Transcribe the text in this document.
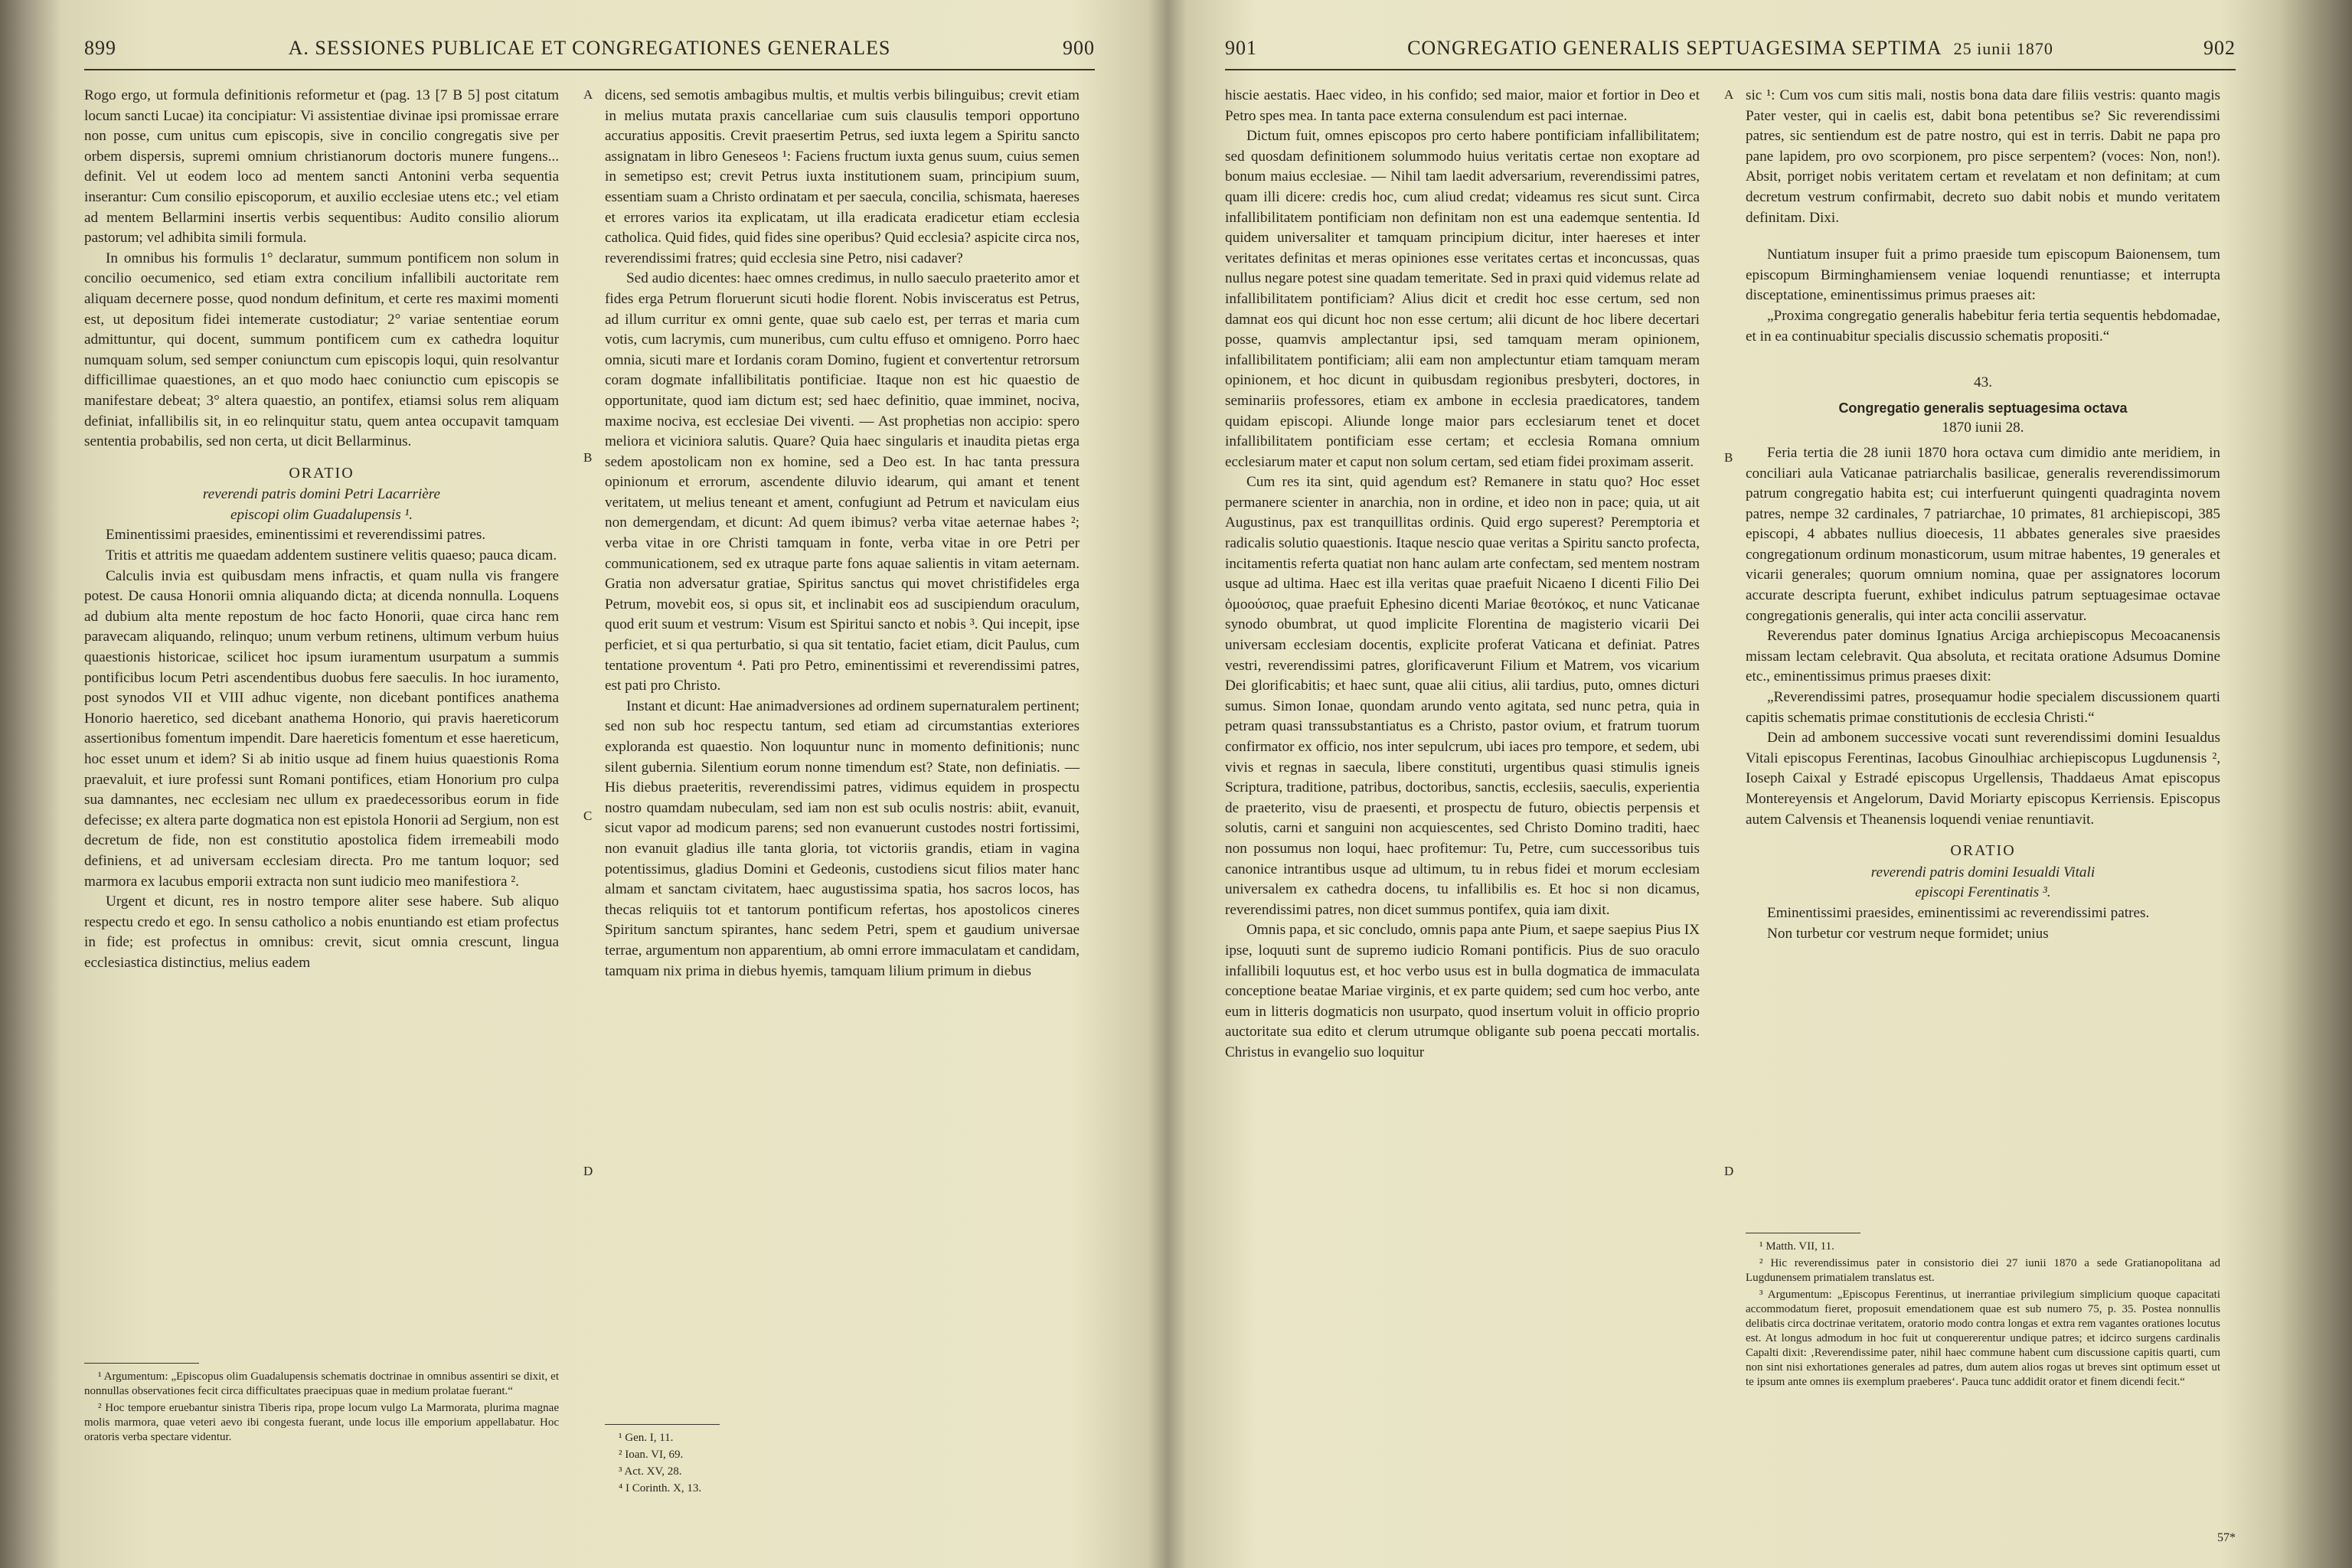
899	A. SESSIONES PUBLICAE ET CONGREGATIONES GENERALES	900

Rogo ergo, ut formula definitionis reformetur et (pag. 13 [7 B 5] post citatum locum sancti Lucae) ita concipiatur: Vi assistentiae divinae ipsi promissae errare non posse, cum unitus cum episcopis, sive in concilio congregatis sive per orbem dispersis, supremi omnium christianorum doctoris munere fungens... definit. Vel ut eodem loco ad mentem sancti Antonini verba sequentia inserantur: Cum consilio episcoporum, et auxilio ecclesiae utens etc.; vel etiam ad mentem Bellarmini insertis verbis sequentibus: Audito consilio aliorum pastorum; vel adhibita simili formula.

In omnibus his formulis 1° declaratur, summum pontificem non solum in concilio oecumenico, sed etiam extra concilium infallibili auctoritate rem aliquam decernere posse, quod nondum definitum, et certe res maximi momenti est, ut depositum fidei intemerate custodiatur; 2° variae sententiae eorum admittuntur, qui docent, summum pontificem cum ex cathedra loquitur numquam solum, sed semper coniunctum cum episcopis loqui, quin resolvantur difficillimae quaestiones, an et quo modo haec coniunctio cum episcopis se manifestare debeat; 3° altera quaestio, an pontifex, etiamsi solus rem aliquam definiat, infallibilis sit, in eo relinquitur statu, quem antea occupavit tamquam sententia probabilis, sed non certa, ut dicit Bellarminus.

ORATIO
reverendi patris domini Petri Lacarrière
episcopi olim Guadalupensis ¹.

Eminentissimi praesides, eminentissimi et reverendissimi patres.

Tritis et attritis me quaedam addentem sustinere velitis quaeso; pauca dicam.

Calculis invia est quibusdam mens infractis, et quam nulla vis frangere potest. De causa Honorii omnia aliquando dicta; at dicenda nonnulla. Loquens ad dubium alta mente repostum de hoc facto Honorii, quae circa hanc rem paravecam aliquando, relinquo; unum verbum retinens, ultimum verbum huius quaestionis historicae, scilicet hoc ipsum iuramentum usurpatum a summis pontificibus locum Petri ascendentibus duobus fere saeculis. In hoc iuramento, post synodos VII et VIII adhuc vigente, non dicebant pontifices anathema Honorio haeretico, sed dicebant anathema Honorio, qui pravis haereticorum assertionibus fomentum impendit. Dare haereticis fomentum et esse haereticum, hoc esset unum et idem? Si ab initio usque ad finem huius quaestionis Roma praevaluit, et iure professi sunt Romani pontifices, etiam Honorium pro culpa sua damnantes, nec ecclesiam nec ullum ex praedecessoribus eorum in fide defecisse; ex altera parte dogmatica non est epistola Honorii ad Sergium, non est decretum de fide, non est constitutio apostolica fidem irremeabili modo definiens, et ad universam ecclesiam directa. Pro me tantum loquor; sed marmora ex lacubus emporii extracta non sunt iudicio meo manifestiora ².

Urgent et dicunt, res in nostro tempore aliter sese habere. Sub aliquo respectu credo et ego. In sensu catholico a nobis enuntiando est etiam profectus in fide; est profectus in omnibus: crevit, sicut omnia crescunt, lingua ecclesiastica distinctius, melius eadem

dicens, sed semotis ambagibus multis, et multis verbis bilinguibus; crevit etiam in melius mutata praxis cancellariae cum suis clausulis tempori opportuno accuratius appositis. Crevit praesertim Petrus, sed iuxta legem a Spiritu sancto assignatam in libro Geneseos ¹: Faciens fructum iuxta genus suum, cuius semen in semetipso est; crevit Petrus iuxta institutionem suam, principium suum, essentiam suam a Christo ordinatam et per saecula, concilia, schismata, haereses et errores varios ita explicatam, ut illa eradicata eradicetur etiam ecclesia catholica. Quid fides, quid fides sine operibus? Quid ecclesia? aspicite circa nos, reverendissimi fratres; quid ecclesia sine Petro, nisi cadaver?

Sed audio dicentes: haec omnes credimus, in nullo saeculo praeterito amor et fides erga Petrum floruerunt sicuti hodie florent. Nobis invisceratus est Petrus, ad illum curritur ex omni gente, quae sub caelo est, per terras et maria cum votis, cum lacrymis, cum muneribus, cum cultu effuso et omnigeno. Porro haec omnia, sicuti mare et Iordanis coram Domino, fugient et convertentur retrorsum coram dogmate infallibilitatis pontificiae. Itaque non est hic quaestio de opportunitate, quod iam dictum est; sed haec definitio, quae imminet, nociva, maxime nociva, est ecclesiae Dei viventi. — Ast prophetias non accipio: spero meliora et viciniora salutis. Quare? Quia haec singularis et inaudita pietas erga sedem apostolicam non ex homine, sed a Deo est. In hac tanta pressura opinionum et errorum, ascendente diluvio idearum, qui amant et tenent veritatem, ut melius teneant et ament, confugiunt ad Petrum et naviculam eius non demergendam, et dicunt: Ad quem ibimus? verba vitae aeternae habes ²; verba vitae in ore Christi tamquam in fonte, verba vitae in ore Petri per communicationem, sed ex utraque parte fons aquae salientis in vitam aeternam. Gratia non adversatur gratiae, Spiritus sanctus qui movet christifideles erga Petrum, movebit eos, si opus sit, et inclinabit eos ad suscipiendum oraculum, quod erit suum et vestrum: Visum est Spiritui sancto et nobis ³. Qui incepit, ipse perficiet, et si qua perturbatio, si qua sit tentatio, faciet etiam, dicit Paulus, cum tentatione proventum ⁴. Pati pro Petro, eminentissimi et reverendissimi patres, est pati pro Christo.

Instant et dicunt: Hae animadversiones ad ordinem supernaturalem pertinent; sed non sub hoc respectu tantum, sed etiam ad circumstantias exteriores exploranda est quaestio. Non loquuntur nunc in momento definitionis; nunc silent gubernia. Silentium eorum nonne timendum est? State, non definiatis. — His diebus praeteritis, reverendissimi patres, vidimus equidem in prospectu nostro quamdam nubeculam, sed iam non est sub oculis nostris: abiit, evanuit, sicut vapor ad modicum parens; sed non evanuerunt custodes nostri fortissimi, non evanuit gladius ille tanta gloria, tot victoriis grandis, etiam in vagina potentissimus, gladius Domini et Gedeonis, custodiens sicut filios mater hanc almam et sanctam civitatem, haec augustissima spatia, hos sacros locos, has thecas reliquiis tot et tantorum pontificum refertas, hos apostolicos cineres Spiritum sanctum spirantes, hanc sedem Petri, spem et gaudium universae terrae, argumentum non apparentium, ab omni errore immaculatam et candidam, tamquam nix prima in diebus hyemis, tamquam lilium primum in diebus

A
B
C
D

¹ Argumentum: „Episcopus olim Guadalupensis schematis doctrinae in omnibus assentiri se dixit, et nonnullas observationes fecit circa difficultates praecipuas quae in medium prolatae fuerant.“

² Hoc tempore eruebantur sinistra Tiberis ripa, prope locum vulgo La Marmorata, plurima magnae molis marmora, quae veteri aevo ibi congesta fuerant, unde locus ille emporium appellabatur. Hoc oratoris verba spectare videntur.	¹ Gen. I, 11.

² Ioan. VI, 69.

³ Act. XV, 28.

⁴ I Corinth. X, 13.

901	CONGREGATIO GENERALIS SEPTUAGESIMA SEPTIMA 25 iunii 1870	902

hiscie aestatis. Haec video, in his confido; sed maior, maior et fortior in Deo et Petro spes mea. In tanta pace externa consulendum est paci internae.

Dictum fuit, omnes episcopos pro certo habere pontificiam infallibilitatem; sed quosdam definitionem solummodo huius veritatis certae non exoptare ad bonum maius ecclesiae. — Nihil tam laedit adversarium, reverendissimi patres, quam illi dicere: credis hoc, cum aliud credat; videamus res sicut sunt. Circa infallibilitatem pontificiam non definitam non est una eademque sententia. Id quidem universaliter et tamquam principium dicitur, inter haereses et inter veritates definitas et meras opiniones esse veritates certas et inconcussas, quas nullus negare potest sine quadam temeritate. Sed in praxi quid videmus relate ad infallibilitatem pontificiam? Alius dicit et credit hoc esse certum, sed non damnat eos qui dicunt hoc non esse certum; alii dicunt de hoc libere decertari posse, quamvis amplectantur ipsi, sed tamquam meram opinionem, infallibilitatem pontificiam; alii eam non amplectuntur etiam tamquam meram opinionem, et hoc dicunt in quibusdam regionibus presbyteri, doctores, in seminariis professores, etiam ex ambone in ecclesia praedicatores, tandem quidam episcopi. Aliunde longe maior pars ecclesiarum tenet et docet infallibilitatem pontificiam esse certam; et ecclesia Romana omnium ecclesiarum mater et caput non solum certam, sed etiam fidei proximam asserit.

Cum res ita sint, quid agendum est? Remanere in statu quo? Hoc esset permanere scienter in anarchia, non in ordine, et ideo non in pace; quia, ut ait Augustinus, pax est tranquillitas ordinis. Quid ergo superest? Peremptoria et radicalis solutio quaestionis. Itaque nescio quae veritas a Spiritu sancto profecta, incitamentis referta quatiat non hanc aulam arte confectam, sed mentem nostram usque ad ultima. Haec est illa veritas quae praefuit Nicaeno I dicenti Filio Dei ὁμοούσιος, quae praefuit Ephesino dicenti Mariae θεοτόκος, et nunc Vaticanae synodo obumbrat, ut quod implicite Florentina de magisterio vicarii Dei universam ecclesiam docentis, explicite proferat Vaticana et definiat. Patres vestri, reverendissimi patres, glorificaverunt Filium et Matrem, vos vicarium Dei glorificabitis; et haec sunt, quae alii citius, alii tardius, puto, omnes dicturi sumus. Simon Ionae, quondam arundo vento agitata, sed nunc petra, quia in petram quasi transsubstantiatus es a Christo, pastor ovium, et fratrum tuorum confirmator ex officio, nos inter sepulcrum, ubi iaces pro tempore, et sedem, ubi vivis et regnas in saecula, libere constituti, urgentibus quasi stimulis igneis Scriptura, traditione, patribus, doctoribus, sanctis, ecclesiis, saeculis, experientia de praeterito, visu de praesenti, et prospectu de futuro, obiectis perpensis et solutis, carni et sanguini non acquiescentes, sed Christo Domino traditi, haec non possumus non loqui, haec profitemur: Tu, Petre, cum successoribus tuis canonice intrantibus usque ad ultimum, tu in rebus fidei et morum ecclesiam universalem ex cathedra docens, tu infallibilis es. Et hoc si non dicamus, reverendissimi patres, non dicet summus pontifex, quia iam dixit.

Omnis papa, et sic concludo, omnis papa ante Pium, et saepe saepius Pius IX ipse, loquuti sunt de supremo iudicio Romani pontificis. Pius de suo oraculo infallibili loquutus est, et hoc verbo usus est in bulla dogmatica de immaculata conceptione beatae Mariae virginis, et ex parte quidem; sed cum hoc verbo, ante eum in litteris dogmaticis non usurpato, quod insertum voluit in officio proprio auctoritate sua edito et clerum utrumque obligante sub poena peccati mortalis. Christus in evangelio suo loquitur

sic ¹: Cum vos cum sitis mali, nostis bona data dare filiis vestris: quanto magis Pater vester, qui in caelis est, dabit bona petentibus se? Sic reverendissimi patres, sic sentiendum est de patre nostro, qui est in terris. Dabit ne papa pro pane lapidem, pro ovo scorpionem, pro pisce serpentem? (voces: Non, non!). Absit, porriget nobis veritatem certam et revelatam et non definitam; at cum decretum vestrum confirmabit, decreto suo dabit nobis et mundo veritatem definitam. Dixi.

Nuntiatum insuper fuit a primo praeside tum episcopum Baionensem, tum episcopum Birminghamiensem veniae loquendi renuntiasse; et interrupta disceptatione, eminentissimus primus praeses ait:

„Proxima congregatio generalis habebitur feria tertia sequentis hebdomadae, et in ea continuabitur specialis discussio schematis propositi.“

43.
Congregatio generalis septuagesima octava
1870 iunii 28.

Feria tertia die 28 iunii 1870 hora octava cum dimidio ante meridiem, in conciliari aula Vaticanae patriarchalis basilicae, generalis reverendissimorum patrum congregatio habita est; cui interfuerunt quingenti quadraginta novem patres, nempe 32 cardinales, 7 patriarchae, 10 primates, 81 archiepiscopi, 385 episcopi, 4 abbates nullius dioecesis, 11 abbates generales sive praesides congregationum ordinum monasticorum, usum mitrae habentes, 19 generales et vicarii generales; quorum omnium nomina, quae per assignatores locorum accurate descripta fuerunt, exhibet indiculus patrum septuagesimae octavae congregationis generalis, qui inter acta concilii asservatur.

Reverendus pater dominus Ignatius Arciga archiepiscopus Mecoacanensis missam lectam celebravit. Qua absoluta, et recitata oratione Adsumus Domine etc., eminentissimus primus praeses dixit:

„Reverendissimi patres, prosequamur hodie specialem discussionem quarti capitis schematis primae constitutionis de ecclesia Christi.“

Dein ad ambonem successive vocati sunt reverendissimi domini Iesualdus Vitali episcopus Ferentinas, Iacobus Ginoulhiac archiepiscopus Lugdunensis ², Ioseph Caixal y Estradé episcopus Urgellensis, Thaddaeus Amat episcopus Montereyensis et Angelorum, David Moriarty episcopus Kerriensis. Episcopus autem Calvensis et Theanensis loquendi veniae renuntiavit.

ORATIO
reverendi patris domini Iesualdi Vitali
episcopi Ferentinatis ³.

Eminentissimi praesides, eminentissimi ac reverendissimi patres.

Non turbetur cor vestrum neque formidet; unius

A
B
D

¹ Matth. VII, 11.

² Hic reverendissimus pater in consistorio diei 27 iunii 1870 a sede Gratianopolitana ad Lugdunensem primatialem translatus est.

³ Argumentum: „Episcopus Ferentinus, ut inerrantiae privilegium simplicium quoque capacitati accommodatum fieret, proposuit emendationem quae est sub numero 75, p. 35. Postea nonnullis delibatis circa doctrinae veritatem, oratorio modo contra longas et extra rem vagantes orationes locutus est. At longus admodum in hoc fuit ut conquererentur undique patres; et idcirco surgens cardinalis Capalti dixit: ‚Reverendissime pater, nihil haec commune habent cum discussione capitis quarti, cum non sint nisi exhortationes generales ad patres, dum autem alios rogas ut breves sint optimum esset ut te ipsum ante omnes iis exemplum praeberes‘. Pauca tunc addidit orator et finem dicendi fecit.“

57*
